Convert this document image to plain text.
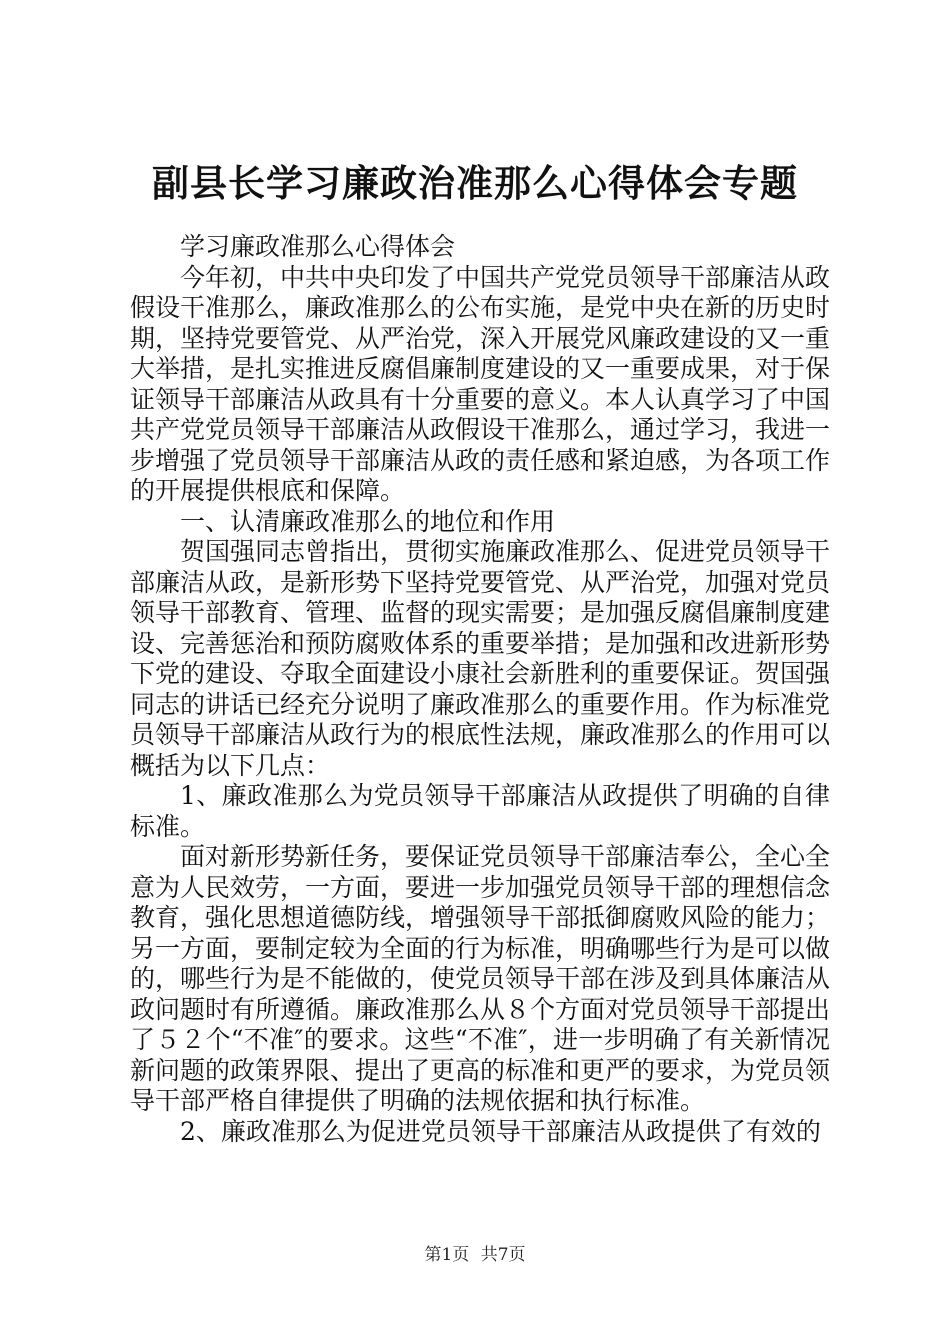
副县长学习廉政治准那么心得体会专题

学习廉政准那么心得体会

今年初，中共中央印发了中国共产党党员领导干部廉洁从政假设干准那么，廉政准那么的公布实施，是党中央在新的历史时期，坚持党要管党、从严治党，深入开展党风廉政建设的又一重大举措，是扎实推进反腐倡廉制度建设的又一重要成果，对于保证领导干部廉洁从政具有十分重要的意义。本人认真学习了中国共产党党员领导干部廉洁从政假设干准那么，通过学习，我进一步增强了党员领导干部廉洁从政的责任感和紧迫感，为各项工作的开展提供根底和保障。

一、认清廉政准那么的地位和作用

贺国强同志曾指出，贯彻实施廉政准那么、促进党员领导干部廉洁从政，是新形势下坚持党要管党、从严治党，加强对党员领导干部教育、管理、监督的现实需要；是加强反腐倡廉制度建设、完善惩治和预防腐败体系的重要举措；是加强和改进新形势下党的建设、夺取全面建设小康社会新胜利的重要保证。贺国强同志的讲话已经充分说明了廉政准那么的重要作用。作为标准党员领导干部廉洁从政行为的根底性法规，廉政准那么的作用可以概括为以下几点：

1、廉政准那么为党员领导干部廉洁从政提供了明确的自律标准。

面对新形势新任务，要保证党员领导干部廉洁奉公，全心全意为人民效劳，一方面，要进一步加强党员领导干部的理想信念教育，强化思想道德防线，增强领导干部抵御腐败风险的能力；另一方面，要制定较为全面的行为标准，明确哪些行为是可以做的，哪些行为是不能做的，使党员领导干部在涉及到具体廉洁从政问题时有所遵循。廉政准那么从８个方面对党员领导干部提出了５２个“不准″的要求。这些“不准″，进一步明确了有关新情况新问题的政策界限、提出了更高的标准和更严的要求，为党员领导干部严格自律提供了明确的法规依据和执行标准。

2、廉政准那么为促进党员领导干部廉洁从政提供了有效的

第1页 共7页
